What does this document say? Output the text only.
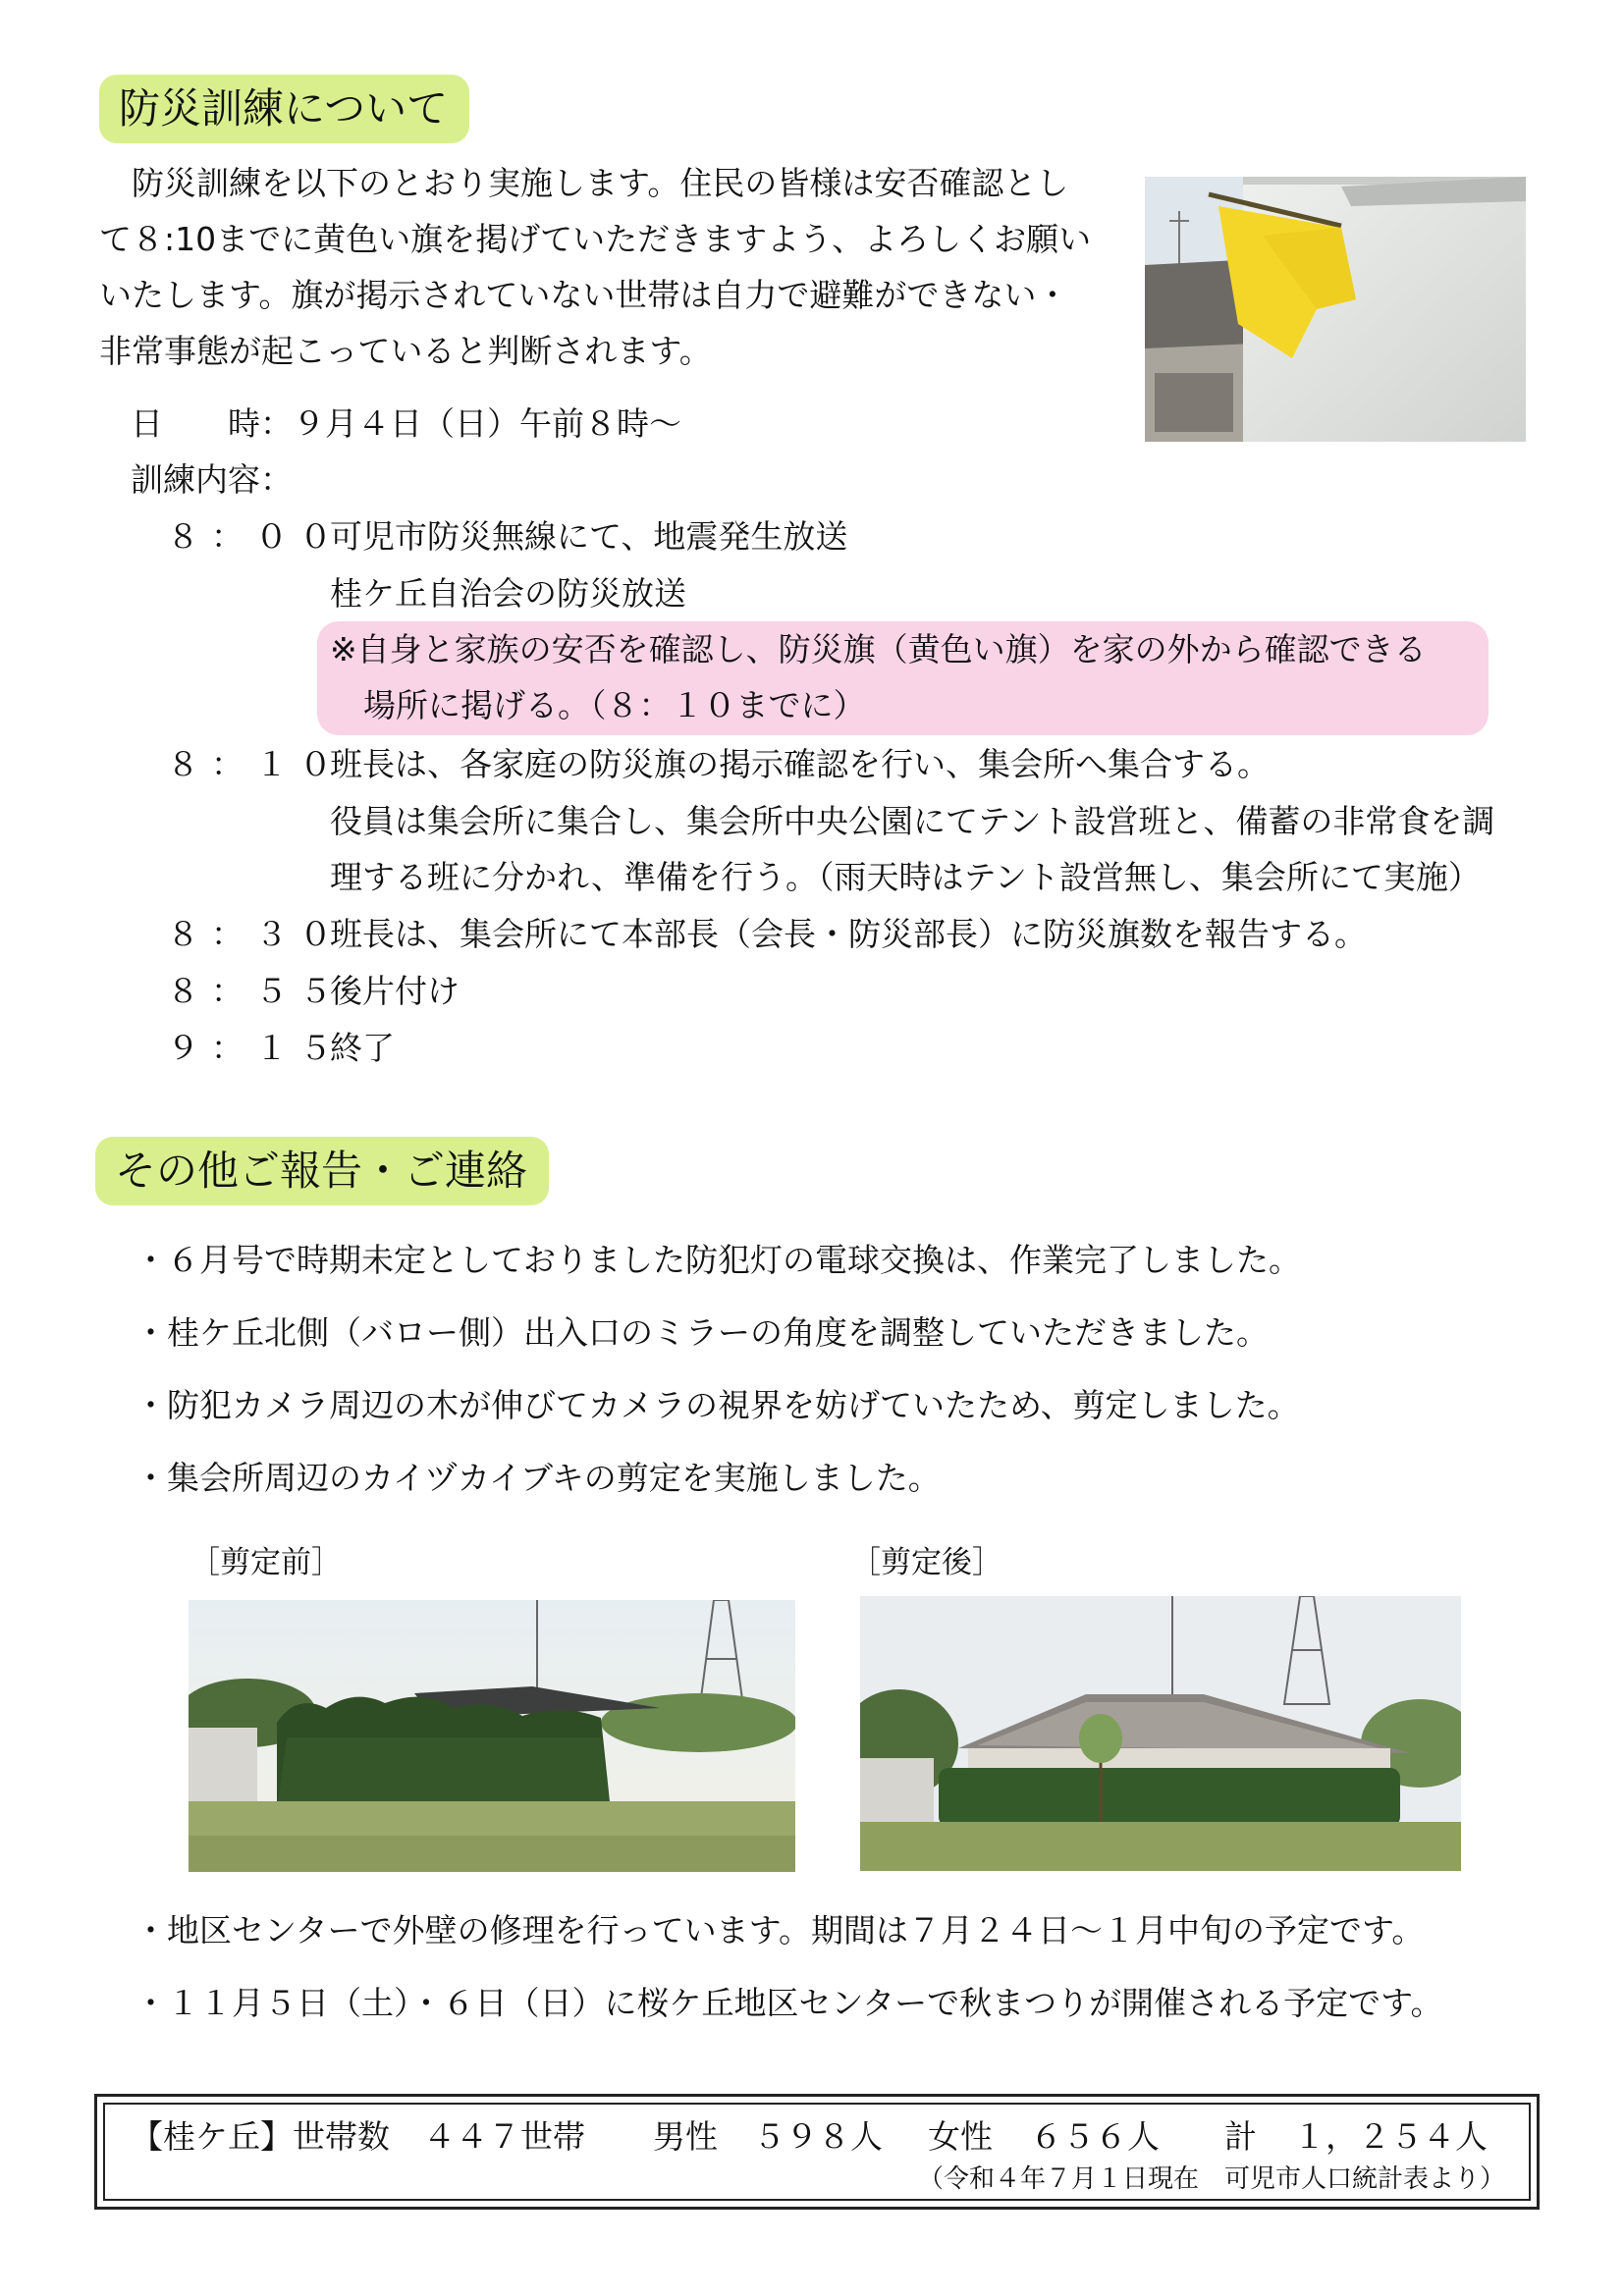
防災訓練について
防災訓練を以下のとおり実施します。住民の皆様は安否確認とし
て８:10までに黄色い旗を掲げていただきますよう、よろしくお願い
いたします。旗が掲示されていない世帯は自力で避難ができない・
非常事態が起こっていると判断されます。
日　　時：９月４日（日）午前８時～
訓練内容：
８：００
可児市防災無線にて、地震発生放送
桂ケ丘自治会の防災放送
※自身と家族の安否を確認し、防災旗（黄色い旗）を家の外から確認できる
場所に掲げる。（８：１０までに）
８：１０
班長は、各家庭の防災旗の掲示確認を行い、集会所へ集合する。
役員は集会所に集合し、集会所中央公園にてテント設営班と、備蓄の非常食を調
理する班に分かれ、準備を行う。（雨天時はテント設営無し、集会所にて実施）
８：３０
班長は、集会所にて本部長（会長・防災部長）に防災旗数を報告する。
８：５５
後片付け
９：１５
終了
その他ご報告・ご連絡
・６月号で時期未定としておりました防犯灯の電球交換は、作業完了しました。
・桂ケ丘北側（バロー側）出入口のミラーの角度を調整していただきました。
・防犯カメラ周辺の木が伸びてカメラの視界を妨げていたため、剪定しました。
・集会所周辺のカイヅカイブキの剪定を実施しました。
［剪定前］	［剪定後］
・地区センターで外壁の修理を行っています。期間は７月２４日～１月中旬の予定です。
・１１月５日（土）・６日（日）に桜ケ丘地区センターで秋まつりが開催される予定です。
【桂ケ丘】世帯数 ４４７世帯 男性 ５９８人 女性 ６５６人 計 １，２５４人
（令和４年７月１日現在　可児市人口統計表より）
